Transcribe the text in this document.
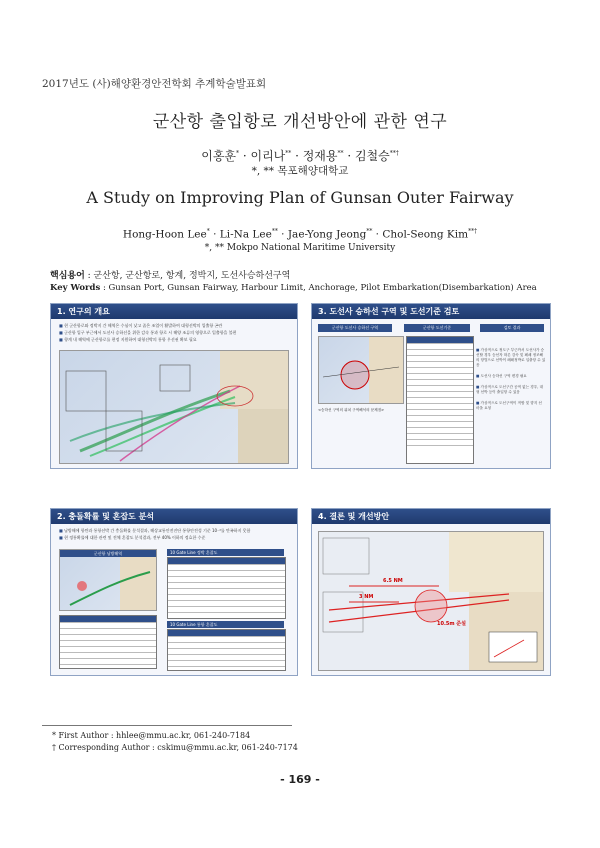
2017년도 (사)해양환경안전학회 추계학술발표회
군산항 출입항로 개선방안에 관한 연구
이홍훈* · 이리나** · 정재용** · 김철승**†
*, ** 목포해양대학교
A Study on Improving Plan of Gunsan Outer Fairway
Hong-Hoon Lee* · Li-Na Lee** · Jae-Yong Jeong** · Chol-Seong Kim**†
*, ** Mokpo National Maritime University
핵심용어 : 군산항, 군산항로, 항계, 정박지, 도선사승하선구역
Key Words : Gunsan Port, Gunsan Fairway, Harbour Limit, Anchorage, Pilot Embarkation(Disembarkation) Area
1. 연구의 개요
■ 현 군산항로와 정박지 간 해역은 수심이 낮고 좁은 조업이 활발하여 대형선박의 입출항 곤란
■ 군산항 입구 부근에서 도선사 승하선을 위한 감속 통과 항로 시 해양 조류의 영향으로 입출항을 불편
■ 향계 내 해역에 군산항로를 편정 지원하여 대형선박의 통항 우선권 확보 필요
3. 도선사 승하선 구역 및 도선기준 검토
군산항 도선사 승하선 구역	군산항 도선기준	검토 결과
<승하선 구역의 위치 구역해석의 문제점>
■ 가상적으로 정도구 부근까서 도선사가 승선할 경우 승선자 따른 감속 및 폐쇄 정조해의 항법으로 선박이 폐쇄정박로 입출항 수 있음
■ 도선사 승하선 구역 변경 필요
■ 가상적으로 도선구간 공역 없는 경우, 대형 선박 등이 출입항 수 있음
■ 가상적으로 도선구역이 적합 및 향지 선 마을 요청
2. 충돌확률 및 혼잡도 분석
■ 남방해에 항만과 통항선박 간 충돌확률 분석결과, 해상교통안전진단 통항안전성 기준 10⁻⁴를 만족하지 못함
■ 현 정통확률에 대한 관련 및 전체 혼잡도 분석결과, 전부 40% 이하의 정효한 수준
군산항 남방해역	10 Gate Line 정박 혼잡도
10 Gate Line 통항 혼잡도
4. 결론 및 개선방안
6.5 NM
3 NM
10.5m 준설
* First Author : hhlee@mmu.ac.kr, 061-240-7184
† Corresponding Author : cskimu@mmu.ac.kr, 061-240-7174
- 169 -
